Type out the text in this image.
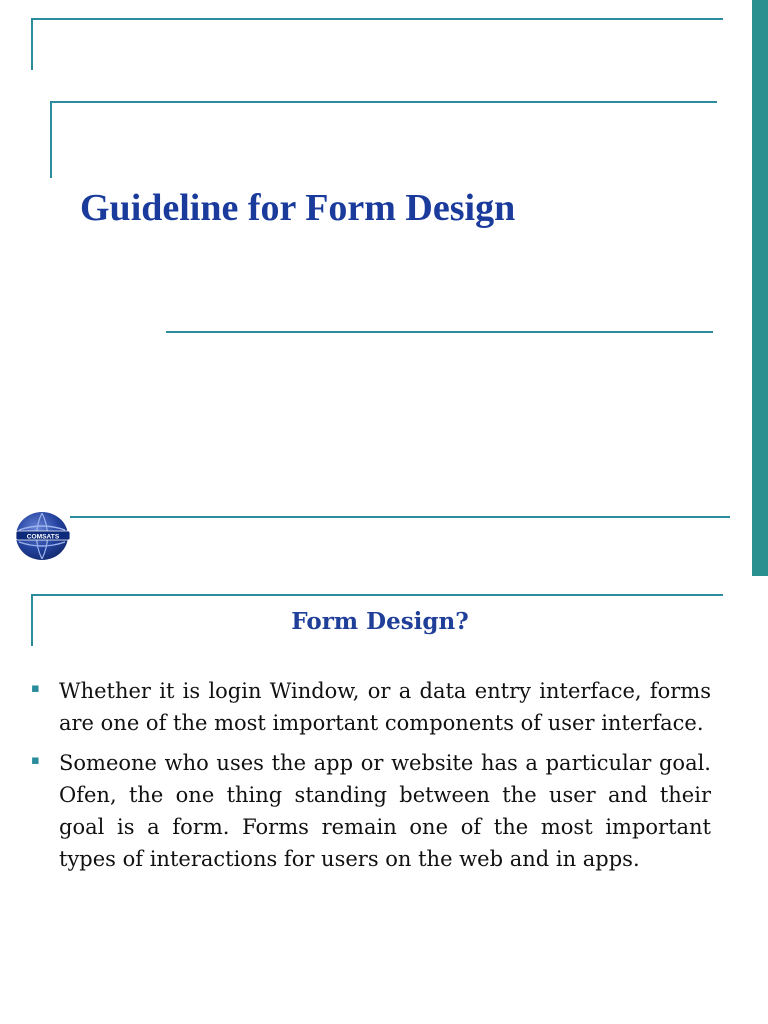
Guideline for Form Design
COMSATS
Form Design?
▪ Whether it is login Window, or a data entry interface, forms are one of the most important components of user interface.
▪ Someone who uses the app or website has a particular goal. Ofen, the one thing standing between the user and their goal is a form. Forms remain one of the most important types of interactions for users on the web and in apps.
